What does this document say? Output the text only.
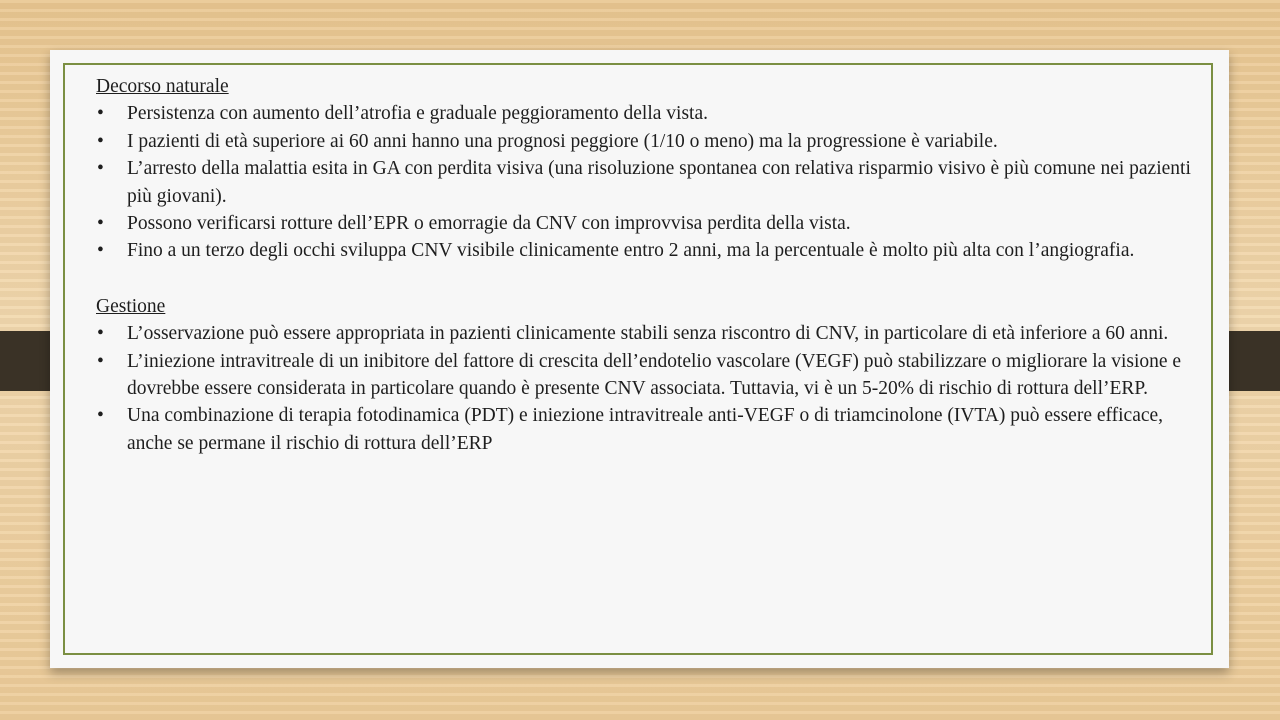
Decorso naturale

• Persistenza con aumento dell’atrofia e graduale peggioramento della vista.
• I pazienti di età superiore ai 60 anni hanno una prognosi peggiore (1/10 o meno) ma la progressione è variabile.
• L’arresto della malattia esita in GA con perdita visiva (una risoluzione spontanea con relativa risparmio visivo è più comune nei pazienti più giovani).
• Possono verificarsi rotture dell’EPR o emorragie da CNV con improvvisa perdita della vista.
• Fino a un terzo degli occhi sviluppa CNV visibile clinicamente entro 2 anni, ma la percentuale è molto più alta con l’angiografia.

Gestione

• L’osservazione può essere appropriata in pazienti clinicamente stabili senza riscontro di CNV, in particolare di età inferiore a 60 anni.
• L’iniezione intravitreale di un inibitore del fattore di crescita dell’endotelio vascolare (VEGF) può stabilizzare o migliorare la visione e dovrebbe essere considerata in particolare quando è presente CNV associata. Tuttavia, vi è un 5-20% di rischio di rottura dell’ERP.
• Una combinazione di terapia fotodinamica (PDT) e iniezione intravitreale anti-VEGF o di triamcinolone (IVTA) può essere efficace, anche se permane il rischio di rottura dell’ERP
